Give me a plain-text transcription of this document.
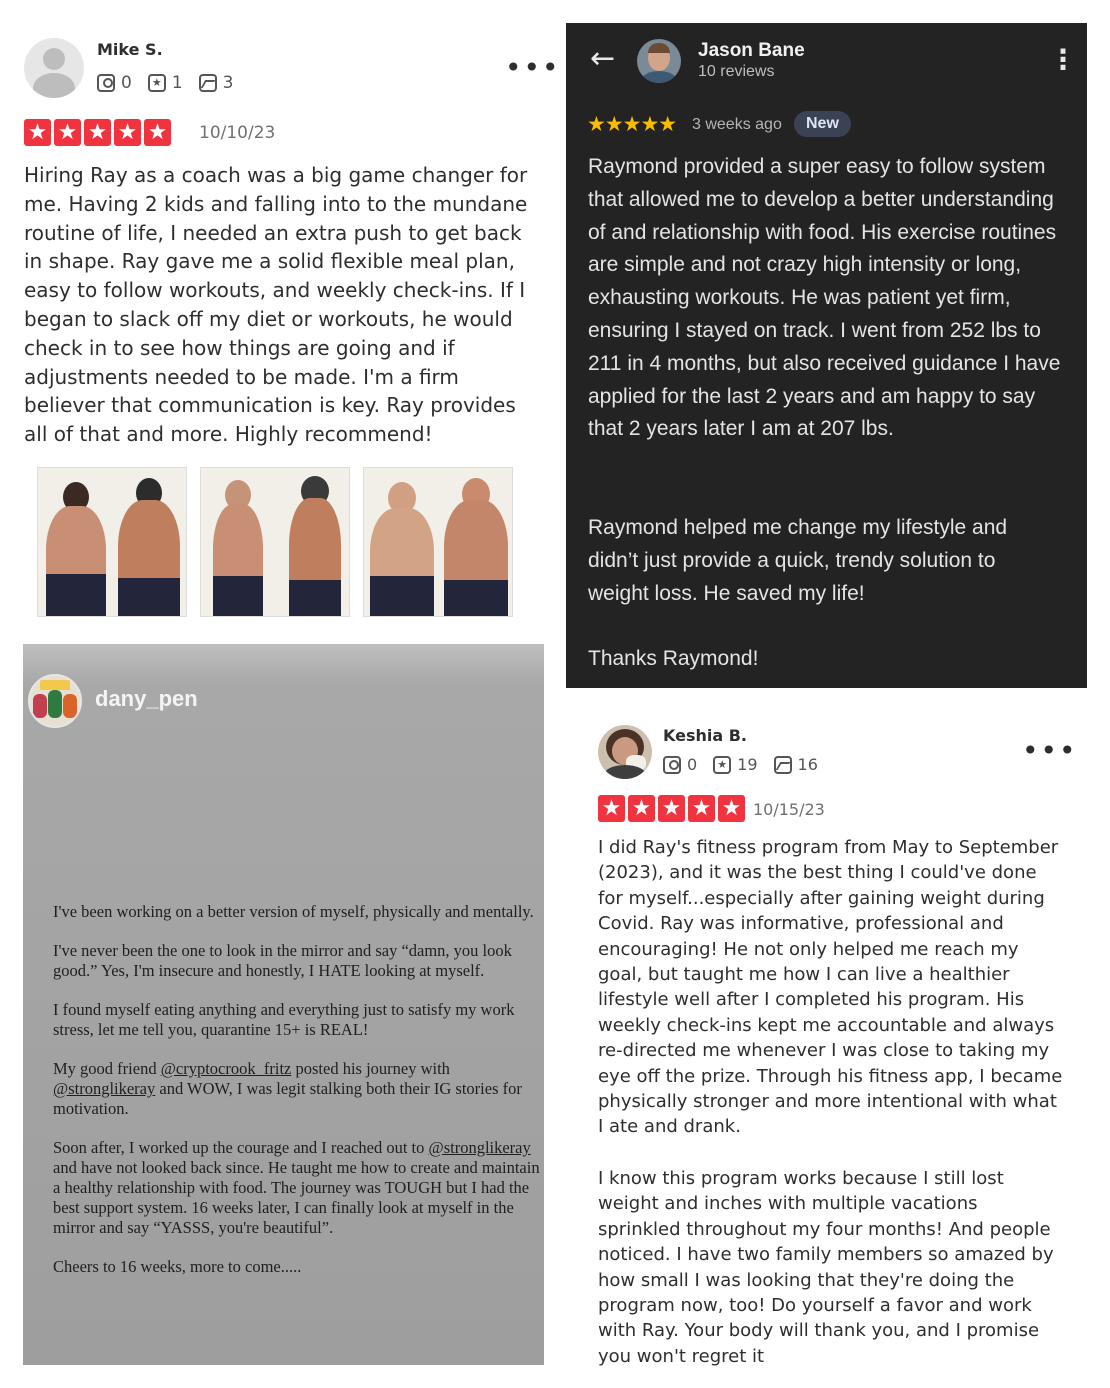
Mike S.
0	★ 1 3	•••
★ ★ ★ ★ ★ 10/10/23
Hiring Ray as a coach was a big game changer for me. Having 2 kids and falling into to the mundane routine of life, I needed an extra push to get back in shape. Ray gave me a solid flexible meal plan, easy to follow workouts, and weekly check-ins. If I began to slack off my diet or workouts, he would check in to see how things are going and if adjustments needed to be made. I'm a firm believer that communication is key. Ray provides all of that and more. Highly recommend!
←	Jason Bane
10 reviews	⋮
★★★★★ 3 weeks ago	New
Raymond provided a super easy to follow system that allowed me to develop a better understanding of and relationship with food. His exercise routines are simple and not crazy high intensity or long, exhausting workouts. He was patient yet firm, ensuring I stayed on track. I went from 252 lbs to 211 in 4 months, but also received guidance I have applied for the last 2 years and am happy to say that 2 years later I am at 207 lbs.
Raymond helped me change my lifestyle and didn’t just provide a quick, trendy solution to weight loss. He saved my life!
Thanks Raymond!
dany_pen

I've been working on a better version of myself, physically and mentally.

I've never been the one to look in the mirror and say “damn, you look good.” Yes, I'm insecure and honestly, I HATE looking at myself.

I found myself eating anything and everything just to satisfy my work stress, let me tell you, quarantine 15+ is REAL!

My good friend @cryptocrook_fritz posted his journey with @stronglikeray and WOW, I was legit stalking both their IG stories for motivation.

Soon after, I worked up the courage and I reached out to @stronglikeray and have not looked back since. He taught me how to create and maintain a healthy relationship with food. The journey was TOUGH but I had the best support system. 16 weeks later, I can finally look at myself in the mirror and say “YASSS, you're beautiful”.

Cheers to 16 weeks, more to come.....

Keshia B.
0	★ 19	16	•••
★ ★ ★ ★ ★ 10/15/23
I did Ray's fitness program from May to September (2023), and it was the best thing I could've done for myself...especially after gaining weight during Covid. Ray was informative, professional and encouraging! He not only helped me reach my goal, but taught me how I can live a healthier lifestyle well after I completed his program. His weekly check-ins kept me accountable and always re-directed me whenever I was close to taking my eye off the prize. Through his fitness app, I became physically stronger and more intentional with what I ate and drank.
I know this program works because I still lost weight and inches with multiple vacations sprinkled throughout my four months! And people noticed. I have two family members so amazed by how small I was looking that they're doing the program now, too! Do yourself a favor and work with Ray. Your body will thank you, and I promise you won't regret it
